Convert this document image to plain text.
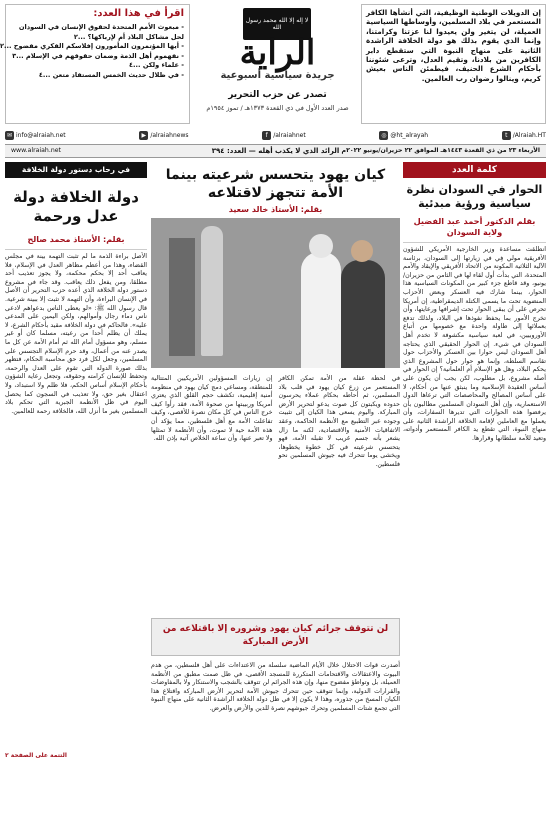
إن الدويلات الوطنية الوظيفية، التي أنشأها الكافر المستعمر في بلاد المسلمين، وأوساطها السياسية العميلة، لن يتغير ولن يعيدوا لنا عزتنا وكرامتنا، وإنما الذي يقوم بذلك هو دولة الخلافة الراشدة الثانية على منهاج النبوة التي ستقطع دابر الكافرين من بلادنا، وتقيم العدل، وترعى شئوننا بأحكام الشرع الحنيف، فيطمئن الناس بعيش كريم، وينالوا رضوان رب العالمين.
لا إله إلا الله محمد رسول الله
الراية
جريدة سياسية أسبوعية
تصدر عن حزب التحرير
صدر العدد الأول في ذي القعدة ١٣٧٣هـ / تموز ١٩٥٤م
اقرأ في هذا العدد:
- مبعوث الأمم المتحدة لحقوق الإنسان في السودان
لحل مشاكل البلاد أم لإرباكها؟ ...٢
- أيها المؤتمرون المأمورون إفلاسكم الفكري مفضوح ...٢
- نفهموم أهل الذمة وضمان حقوقهم في الإسلام ...٣
- علماء ولكن ...٤
- في ظلال حديث الخمس المستفاد متعن ...٤
✉ info@alraiah.net	▶ /alraiahnews	f /alraiahnet	◎ @ht_alrayah	t /Alraiah.HT
الأربعاء ٢٣ من ذي القعدة ١٤٤٣هـ الموافق ٢٢ حزيران/يونيو ٢٠٢٢م
الرائد الذي لا يكذب أهله — العدد: ٣٩٤
www.alraiah.net
كلمة العدد
الحوار في السودان نظرة سياسية ورؤية مبدئية
بقلم الدكتور أحمد عبد الفضيل ولاية السودان
انطلقت مساعدة وزير الخارجية الأمريكي للشؤون الأفريقية مولي فِي في زيارتها إلى السودان، برئاسة الآلية الثلاثية المكونة من الاتحاد الأفريقي والإيقاد والأمم المتحدة، التي بدأت أول لقاء لها في الثامن من حزيران/يونيو، وقد قاطع جزء كبير من المكونات السياسية هذا الحوار، بينما شارك فيه العسكر وبعض الأحزاب المنضوية تحت ما يسمى الكتلة الديمقراطية، إن أمريكا تحرص على أن يبقى الحوار تحت إشرافها ورعايتها، وأن تخرج الأمور بما يحفظ نفوذها في البلاد، ولذلك تدفع بعملائها إلى طاولة واحدة مع خصومها من أتباع الأوروبيين، في لعبة سياسية مكشوفة لا تخدم أهل السودان في شيء. إن الحوار الحقيقي الذي يحتاجه أهل السودان ليس حوارا بين العسكر والأحزاب حول تقاسم السلطة، وإنما هو حوار حول المشروع الذي يحكم البلاد، وهل هو الإسلام أم العلمانية؟ إن الحوار في أصله مشروع، بل مطلوب، لكن يجب أن يكون على أساس العقيدة الإسلامية وما ينبثق عنها من أحكام، لا على أساس المصالح والمحاصصات التي ترعاها الدول الاستعمارية، وإن أهل السودان المسلمين مطالبون بأن يرفضوا هذه الحوارات التي تديرها السفارات، وأن يعملوا مع العاملين لإقامة الخلافة الراشدة الثانية على منهاج النبوة، التي تقطع يد الكافر المستعمر وأدواته، وتعيد للأمة سلطانها وقرارها.
كيان يهود يتحسس شرعيته بينما الأمة تتجهز لاقتلاعه
بقلم: الأستاذ خالد سعيد
في لحظة غفلة من الأمة تمكن الكافر المستعمر من زرع كيان يهود في قلب بلاد المسلمين، ثم أحاطه بحكام عملاء يحرسون حدوده ويكبتون كل صوت يدعو لتحرير الأرض المباركة. واليوم يسعى هذا الكيان إلى تثبيت وجوده عبر التطبيع مع الأنظمة الحاكمة، وعقد الاتفاقيات الأمنية والاقتصادية، لكنه ما زال يشعر بأنه جسم غريب لا تقبله الأمة، فهو يتحسس شرعيته في كل خطوة يخطوها، ويخشى يوما تتحرك فيه جيوش المسلمين نحو فلسطين.
إن زيارات المسؤولين الأمريكيين المتتالية للمنطقة، ومساعي دمج كيان يهود في منظومة أمنية إقليمية، تكشف حجم القلق الذي يعتري أمريكا وربيبتها من صحوة الأمة، فقد رأوا كيف خرج الناس في كل مكان نصرة للأقصى، وكيف تفاعلت الأمة مع أهل فلسطين، مما يؤكد أن هذه الأمة حية لا تموت، وأن الأنظمة لا تمثلها ولا تعبر عنها، وأن ساعة الخلاص آتية بإذن الله.
لن تتوقف جرائم كيان يهود وشروره إلا باقتلاعه من الأرض المباركة
أصدرت قوات الاحتلال خلال الأيام الماضية سلسلة من الاعتداءات على أهل فلسطين، من هدم البيوت والاعتقالات والاقتحامات المتكررة للمسجد الأقصى، في ظل صمت مطبق من الأنظمة العميلة، بل وتواطؤ مفضوح منها، وإن هذه الجرائم لن تتوقف بالشجب والاستنكار ولا بالمفاوضات والقرارات الدولية، وإنما تتوقف حين تتحرك جيوش الأمة لتحرير الأرض المباركة واقتلاع هذا الكيان المسخ من جذوره، وهذا لا يكون إلا في ظل دولة الخلافة الراشدة الثانية على منهاج النبوة التي تجمع شتات المسلمين وتحرك جيوشهم نصرة للدين والأرض والعرض.
في رحاب دستور دولة الخلافة
دولة الخلافة دولة عدل ورحمة
بقلم: الأستاذ محمد صالح
الأصل براءة الذمة ما لم تثبت التهمة بينة في مجلس القضاء، وهذا من أعظم مظاهر العدل في الإسلام، فلا يعاقب أحد إلا بحكم محكمة، ولا يجوز تعذيب أحد مطلقا، ومن يفعل ذلك يعاقب. وقد جاء في مشروع دستور دولة الخلافة الذي أعده حزب التحرير أن الأصل في الإنسان البراءة، وأن التهمة لا تثبت إلا ببينة شرعية. قال رسول الله ﷺ: «لو يعطى الناس بدعواهم لادعى ناس دماء رجال وأموالهم، ولكن اليمين على المدعى عليه». فالحاكم في دولة الخلافة مقيد بأحكام الشرع، لا يملك أن يظلم أحدا من رعيته، مسلما كان أو غير مسلم، وهو مسؤول أمام الله ثم أمام الأمة عن كل ما يصدر عنه من أعمال، وقد حرم الإسلام التجسس على المسلمين، وجعل لكل فرد حق محاسبة الحكام، فتظهر بذلك صورة الدولة التي تقوم على العدل والرحمة، وتحفظ للإنسان كرامته وحقوقه، وتجعل رعاية الشؤون بأحكام الإسلام أساس الحكم، فلا ظلم ولا استبداد، ولا اعتقال بغير حق، ولا تعذيب في السجون كما يحصل اليوم في ظل الأنظمة الجبرية التي تحكم بلاد المسلمين بغير ما أنزل الله، فالخلافة رحمة للعالمين.
التتمة على الصفحة ٢
